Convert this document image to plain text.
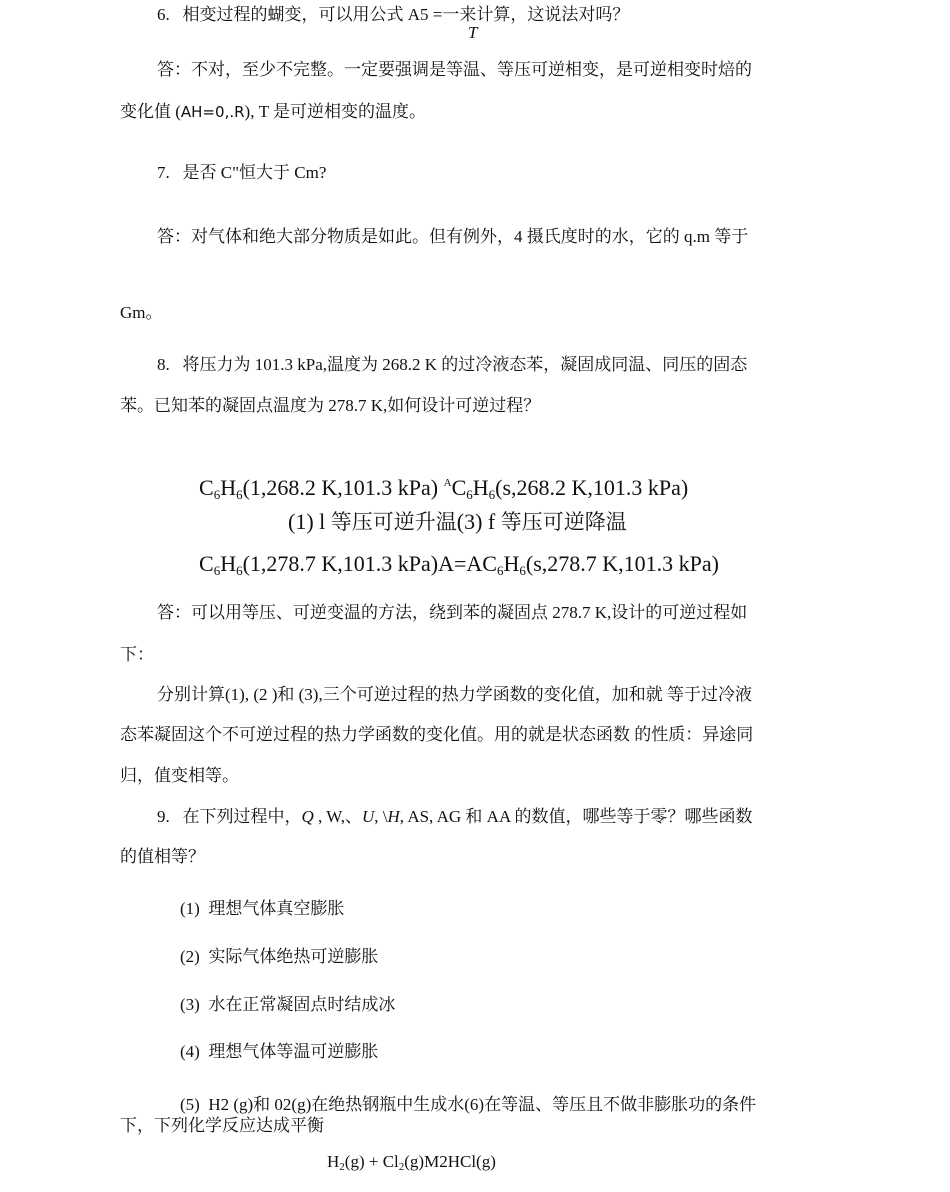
6.   相变过程的蝴变，可以用公式 A5 =一来计算，这说法对吗？
T
答：不对，至少不完整。一定要强调是等温、等压可逆相变，是可逆相变时焙的
变化值 (AH=0,.R), T 是可逆相变的温度。
7.   是否 C"恒大于 Cm?
答：对气体和绝大部分物质是如此。但有例外，4 摄氏度时的水，它的 q.m 等于
Gm。
8.   将压力为 101.3 kPa,温度为 268.2 K 的过冷液态苯，凝固成同温、同压的固态
苯。已知苯的凝固点温度为 278.7 K,如何设计可逆过程？
C6H6(1,268.2 K,101.3 kPa) $^A$C6H6(s,268.2 K,101.3 kPa)
(1) l 等压可逆升温(3) f 等压可逆降温
C6H6(1,278.7 K,101.3 kPa)A=AC6H6(s,278.7 K,101.3 kPa)
答：可以用等压、可逆变温的方法，绕到苯的凝固点 278.7 K,设计的可逆过程如
下：
分别计算(1), (2 )和 (3),三个可逆过程的热力学函数的变化值，加和就 等于过冷液
态苯凝固这个不可逆过程的热力学函数的变化值。用的就是状态函数 的性质：异途同
归，值变相等。
9.   在下列过程中，Q , W,、U, \H, AS, AG 和 AA 的数值，哪些等于零？哪些函数
的值相等？
(1)  理想气体真空膨胀
(2)  实际气体绝热可逆膨胀
(3)  水在正常凝固点时结成冰
(4)  理想气体等温可逆膨胀
(5)  H2 (g)和 02(g)在绝热钢瓶中生成水(6)在等温、等压且不做非膨胀功的条件
下，下列化学反应达成平衡
$H_2(g) + Cl_2(g)M2HCl(g)$
